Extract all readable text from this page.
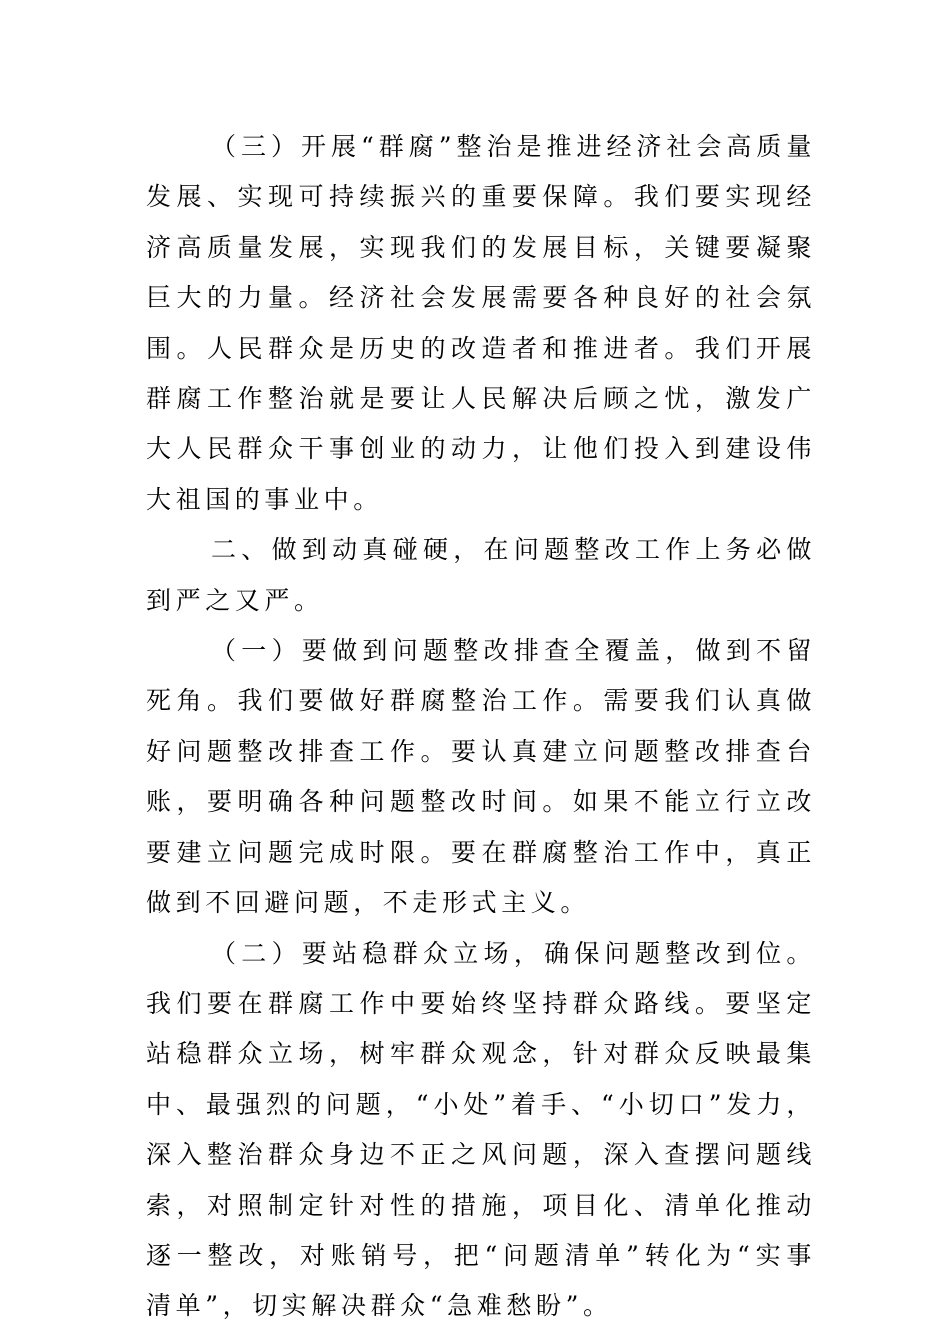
（三）开展“群腐”整治是推进经济社会高质量发展、实现可持续振兴的重要保障。我们要实现经济高质量发展，实现我们的发展目标，关键要凝聚巨大的力量。经济社会发展需要各种良好的社会氛围。人民群众是历史的改造者和推进者。我们开展群腐工作整治就是要让人民解决后顾之忧，激发广大人民群众干事创业的动力，让他们投入到建设伟大祖国的事业中。

二、做到动真碰硬，在问题整改工作上务必做到严之又严。

（一）要做到问题整改排查全覆盖，做到不留死角。我们要做好群腐整治工作。需要我们认真做好问题整改排查工作。要认真建立问题整改排查台账，要明确各种问题整改时间。如果不能立行立改要建立问题完成时限。要在群腐整治工作中，真正做到不回避问题，不走形式主义。

（二）要站稳群众立场，确保问题整改到位。我们要在群腐工作中要始终坚持群众路线。要坚定站稳群众立场，树牢群众观念，针对群众反映最集中、最强烈的问题，“小处”着手、“小切口”发力，深入整治群众身边不正之风问题，深入查摆问题线索，对照制定针对性的措施，项目化、清单化推动逐一整改，对账销号，把“问题清单”转化为“实事清单”，切实解决群众“急难愁盼”。
